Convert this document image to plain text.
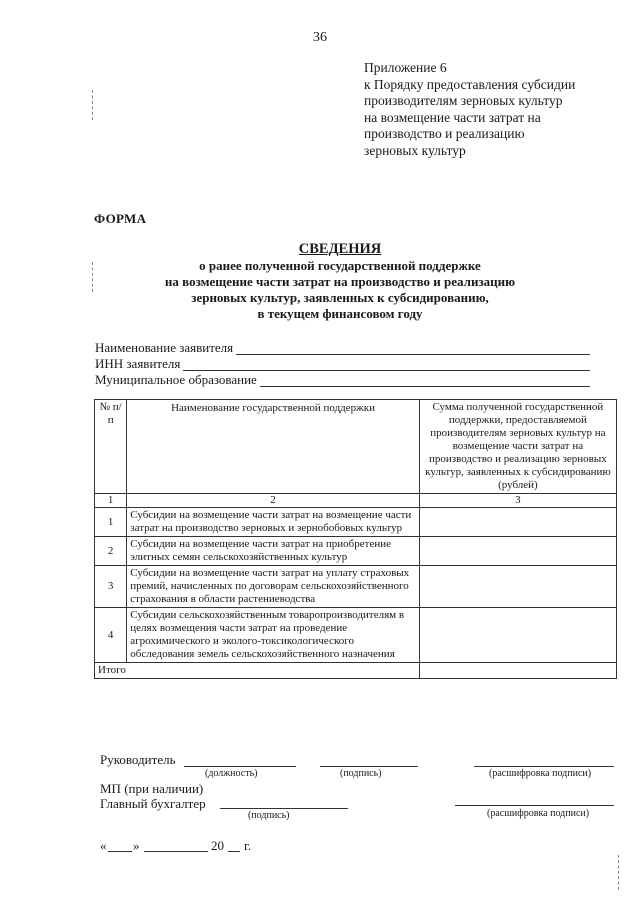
36
Приложение 6
к Порядку предоставления субсидии
производителям зерновых культур
на возмещение части затрат на
производство и реализацию
зерновых культур
ФОРМА
СВЕДЕНИЯ
о ранее полученной государственной поддержке
на возмещение части затрат на производство и реализацию
зерновых культур, заявленных к субсидированию,
в текущем финансовом году
Наименование заявителя
ИНН заявителя
Муниципальное образование
№ п/п	Наименование государственной поддержки	Сумма полученной государственной поддержки, предоставляемой производителям зерновых культур на возмещение части затрат на производство и реализацию зерновых культур, заявленных к субсидированию (рублей)
1	2	3
1	Субсидии на возмещение части затрат на возмещение части затрат на производство зерновых и зернобобовых культур	
2	Субсидии на возмещение части затрат на приобретение элитных семян сельскохозяйственных культур	
3	Субсидии на возмещение части затрат на уплату страховых премий, начисленных по договорам сельскохозяйственного страхования в области растениеводства	
4	Субсидии сельскохозяйственным товаропроизводителям в целях возмещения части затрат на проведение агрохимического и эколого-токсикологического обследования земель сельскохозяйственного назначения	
Итого		
Руководитель
(должность)	(подпись)	(расшифровка подписи)
МП (при наличии)
Главный бухгалтер
(подпись)	(расшифровка подписи)
« »	20 г.
